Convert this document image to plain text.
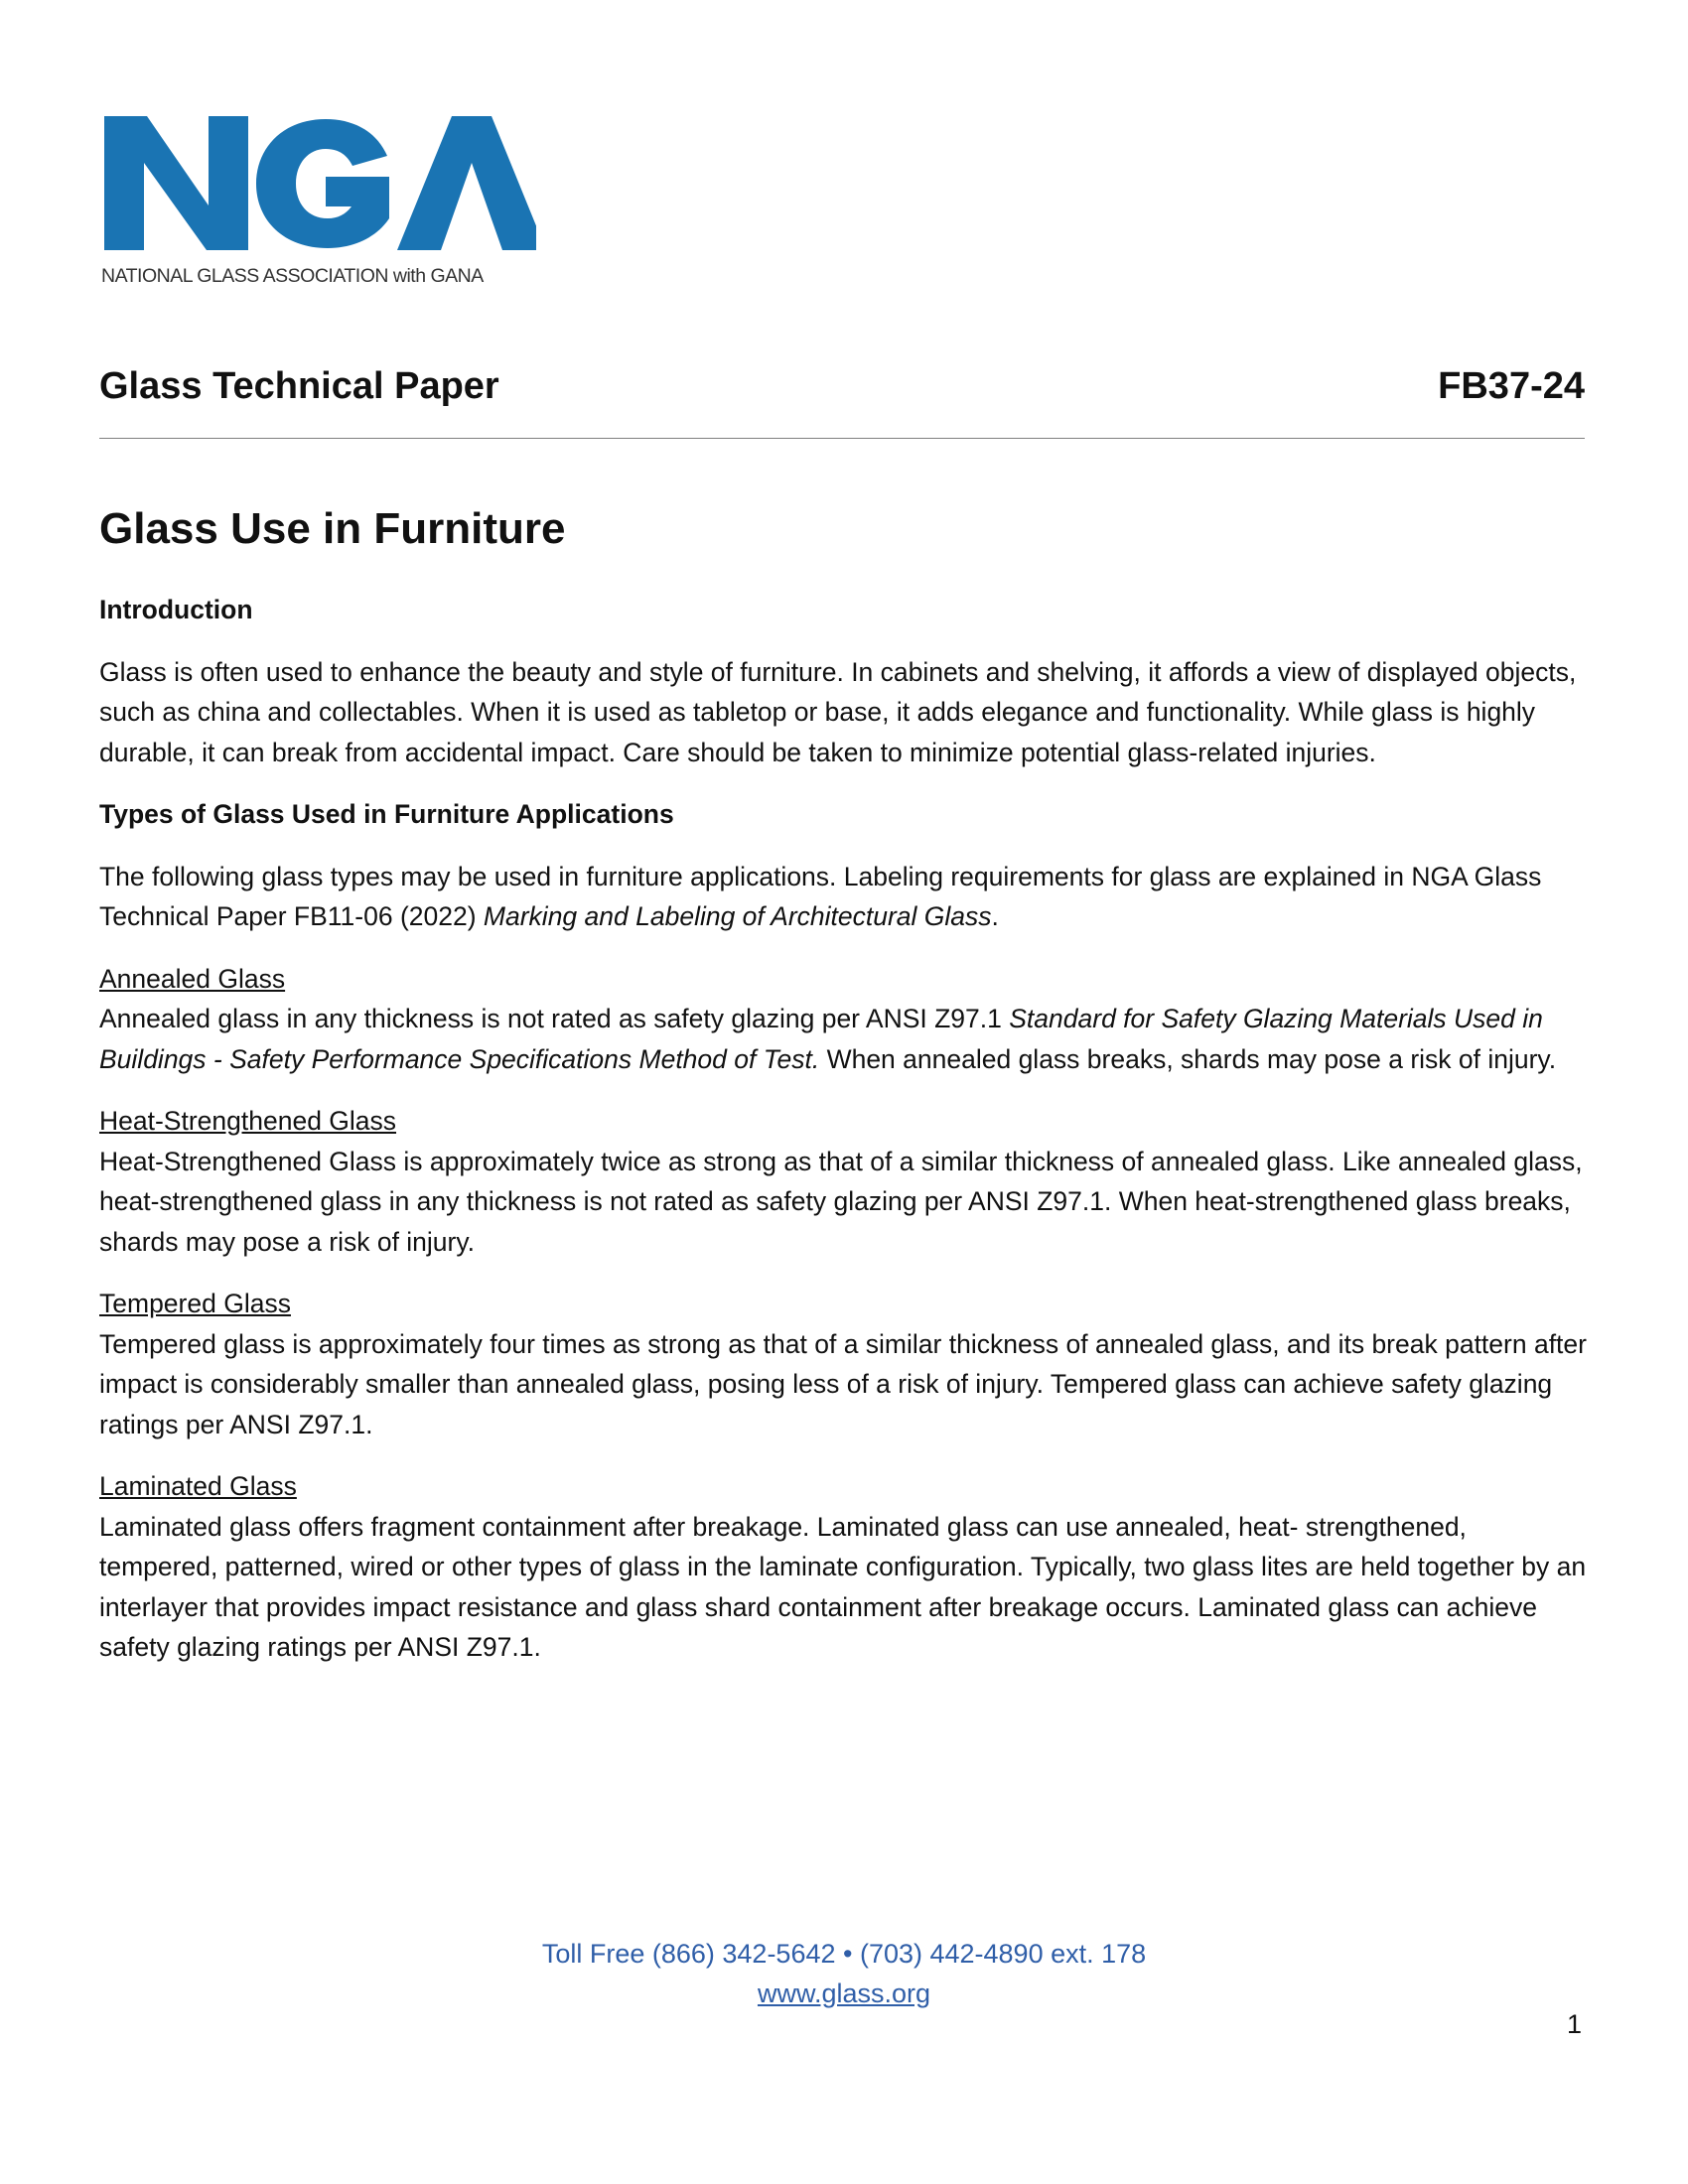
NATIONAL GLASS ASSOCIATION with GANA
Glass Technical Paper	FB37-24
Glass Use in Furniture
Introduction

Glass is often used to enhance the beauty and style of furniture. In cabinets and shelving, it affords a view of displayed objects, such as china and collectables. When it is used as tabletop or base, it adds elegance and functionality. While glass is highly durable, it can break from accidental impact. Care should be taken to minimize potential glass-related injuries.

Types of Glass Used in Furniture Applications

The following glass types may be used in furniture applications. Labeling requirements for glass are explained in NGA Glass Technical Paper FB11-06 (2022) Marking and Labeling of Architectural Glass.

Annealed Glass

Annealed glass in any thickness is not rated as safety glazing per ANSI Z97.1 Standard for Safety Glazing Materials Used in Buildings - Safety Performance Specifications Method of Test. When annealed glass breaks, shards may pose a risk of injury.

Heat-Strengthened Glass

Heat-Strengthened Glass is approximately twice as strong as that of a similar thickness of annealed glass. Like annealed glass, heat-strengthened glass in any thickness is not rated as safety glazing per ANSI Z97.1. When heat-strengthened glass breaks, shards may pose a risk of injury.

Tempered Glass

Tempered glass is approximately four times as strong as that of a similar thickness of annealed glass, and its break pattern after impact is considerably smaller than annealed glass, posing less of a risk of injury. Tempered glass can achieve safety glazing ratings per ANSI Z97.1.

Laminated Glass

Laminated glass offers fragment containment after breakage. Laminated glass can use annealed, heat- strengthened, tempered, patterned, wired or other types of glass in the laminate configuration. Typically, two glass lites are held together by an interlayer that provides impact resistance and glass shard containment after breakage occurs. Laminated glass can achieve safety glazing ratings per ANSI Z97.1.

Toll Free (866) 342-5642 • (703) 442-4890 ext. 178
www.glass.org
1
